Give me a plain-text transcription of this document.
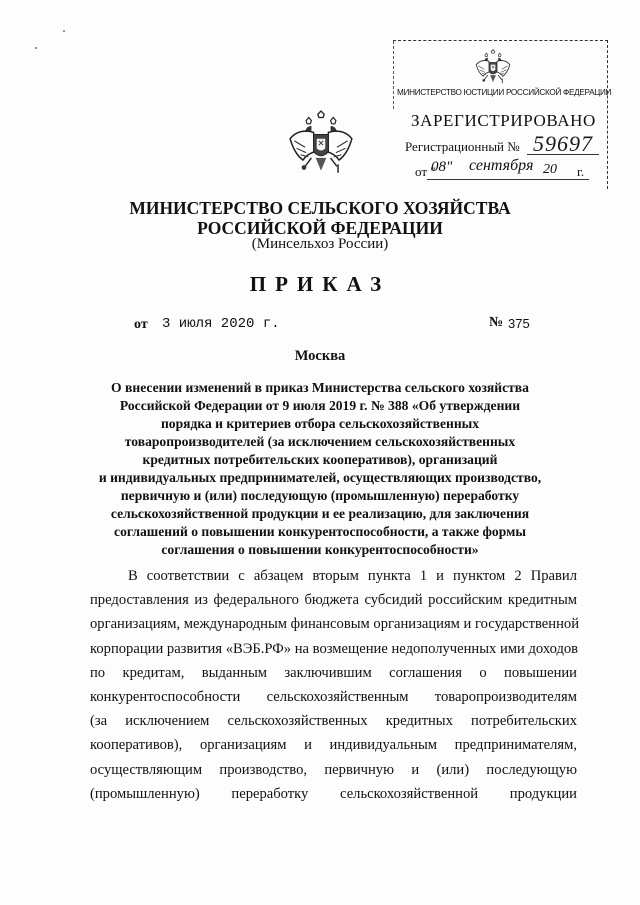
МИНИСТЕРСТВО ЮСТИЦИИ РОССИЙСКОЙ ФЕДЕРАЦИИ
ЗАРЕГИСТРИРОВАНО
Регистрационный № 59697
от "
08" сентября 20 г.
МИНИСТЕРСТВО СЕЛЬСКОГО ХОЗЯЙСТВА
РОССИЙСКОЙ ФЕДЕРАЦИИ
(Минсельхоз России)
ПРИКАЗ
от 3 июля 2020 г.	№ 375
Москва
О внесении изменений в приказ Министерства сельского хозяйства
Российской Федерации от 9 июля 2019 г. № 388 «Об утверждении
порядка и критериев отбора сельскохозяйственных
товаропроизводителей (за исключением сельскохозяйственных
кредитных потребительских кооперативов), организаций
и индивидуальных предпринимателей, осуществляющих производство,
первичную и (или) последующую (промышленную) переработку
сельскохозяйственной продукции и ее реализацию, для заключения
соглашений о повышении конкурентоспособности, а также формы
соглашения о повышении конкурентоспособности»
В соответствии с абзацем вторым пункта 1 и пунктом 2 Правил
предоставления из федерального бюджета субсидий российским кредитным
организациям, международным финансовым организациям и государственной
корпорации развития «ВЭБ.РФ» на возмещение недополученных ими доходов
по кредитам, выданным заключившим соглашения о повышении
конкурентоспособности сельскохозяйственным товаропроизводителям
(за исключением сельскохозяйственных кредитных потребительских
кооперативов), организациям и индивидуальным предпринимателям,
осуществляющим производство, первичную и (или) последующую
(промышленную) переработку сельскохозяйственной продукции
